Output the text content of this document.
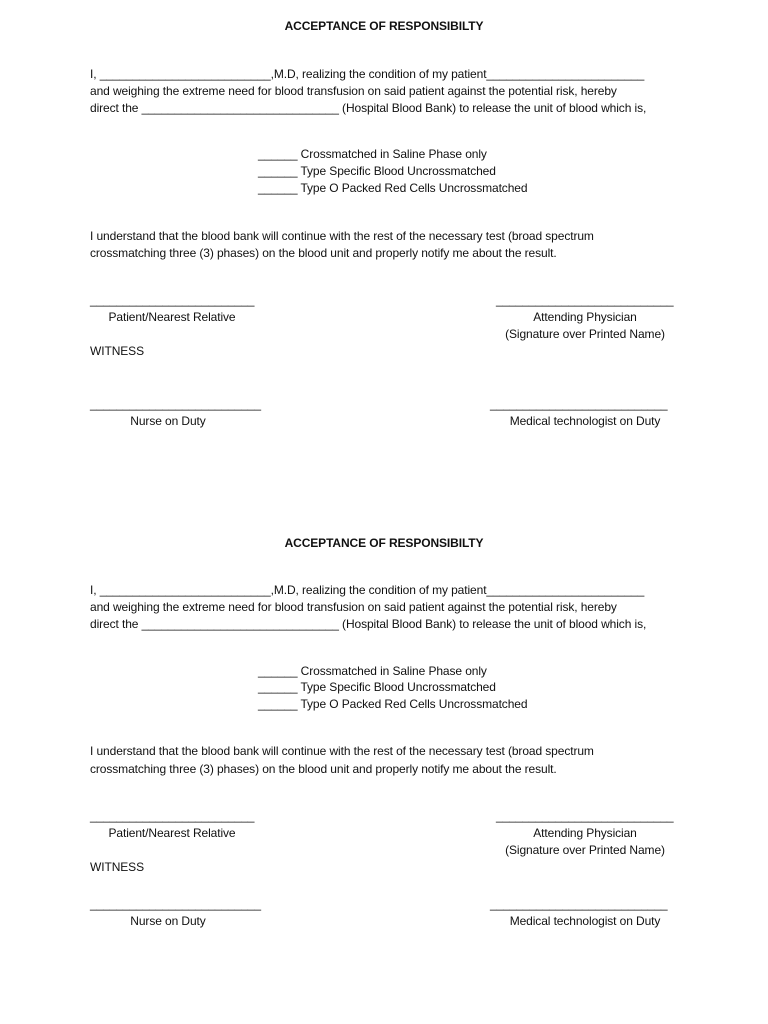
ACCEPTANCE OF RESPONSIBILTY

I, __________________________,M.D, realizing the condition of my patient________________________

and weighing the extreme need for blood transfusion on said patient against the potential risk, hereby

direct the ______________________________ (Hospital Blood Bank) to release the unit of blood which is,

______ Crossmatched in Saline Phase only

______ Type Specific Blood Uncrossmatched

______ Type O Packed Red Cells Uncrossmatched

I understand that the blood bank will continue with the rest of the necessary test (broad spectrum

crossmatching three (3) phases) on the blood unit and properly notify me about the result.

_________________________

Patient/Nearest Relative

___________________________

Attending Physician

(Signature over Printed Name)

WITNESS

__________________________

Nurse on Duty

___________________________

Medical technologist on Duty

ACCEPTANCE OF RESPONSIBILTY

I, __________________________,M.D, realizing the condition of my patient________________________

and weighing the extreme need for blood transfusion on said patient against the potential risk, hereby

direct the ______________________________ (Hospital Blood Bank) to release the unit of blood which is,

______ Crossmatched in Saline Phase only

______ Type Specific Blood Uncrossmatched

______ Type O Packed Red Cells Uncrossmatched

I understand that the blood bank will continue with the rest of the necessary test (broad spectrum

crossmatching three (3) phases) on the blood unit and properly notify me about the result.

_________________________

Patient/Nearest Relative

___________________________

Attending Physician

(Signature over Printed Name)

WITNESS

__________________________

Nurse on Duty

___________________________

Medical technologist on Duty
